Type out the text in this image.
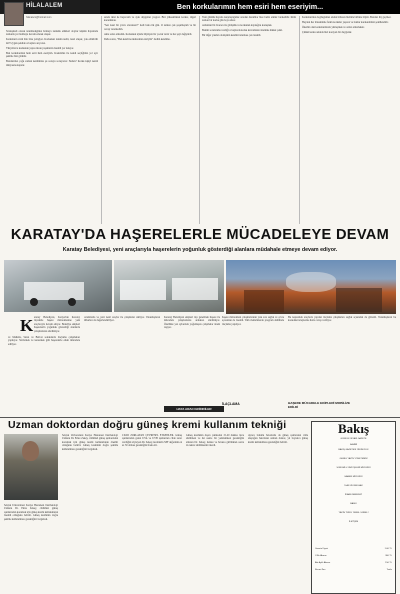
HİLALALEM
hilal.alem@hotmail.com
Ben korkularımın hem esiri hem eseriyim...

Sözleşmeli olarak tanımladığımız İstinaya tanıklık ettikleri olaylar kişinin hayatında zamanla yer bulmaya devam ederek oluşur.

Korkuların sözü bile bize yetişiyor. Korkunun tanımı nedir, nasıl oluşur, yok edilebilir mi? Uygun şekilde cevapları arıyoruz.

Yüzyıllarca korkunun yapısı insan yaşamında önemli yer tutuyor.

Ben korkularımın hem esiri hem eseriyim. Kaderimiz ile kendi seçtiğimiz yol ayrı şekilde bizi götürür.

Bazılarımız çoğu zaman kendimize şu soruyu soruyoruz: Neden? Korku kişiyi kendi dünyasına kapatır.

sanda ikisi de heyecanlı ve aynı duyguları yaşıyor. Biri yükseklikten korkar, diğeri karanlıktan.

"Sen nasıl bir yolcu olacaksın?" dedi bana ilk gün. O zaman çok şaşırmıştım ve bir cevap veremedim.

Ama sonra anladım. Korkunun içinde büyüyen bir çocuk vardı ve her şeyi değiştirdi.

Daha sonra, "Ben kendi korkularımın esiriyim" dedim kendime.

Yani günlük hayatta karşılaştığımız sıradan durumlar bize farklı etkiler bırakabilir. Kimi zaman bir korku gün boyu sürer.

Ardından Dr. Karaca ile görüştük ve korkunun kaynağını konuştuk.

Benim sorularıma verdiği cevaplarda korku kavramının önemine dikkat çekti.

Bir diğer yandan da kişinin kendini tanıması çok önemli.

Korkularımız doğduğumuz andan itibaren bizimle birlikte büyür. Bazıları hiç geçmez.

Hayatın her döneminde farklı korkular yaşarız ve bunlar karakterimizi şekillendirir.

Önemli olan korkularımızla yüzleşmek ve onları anlamaktır.

Çünkü korku aslında bizi koruyan bir duygudur.

KARATAY'DA HAŞERELERLE MÜCADELEYE DEVAM
Karatay Belediyesi, yeni araçlarıyla haşerelerin yoğunluk gösterdiği alanlara müdahale etmeye devam ediyor.
K aratay Belediyesi, Konya'nın Karatay ilçesinde haşere mücadelesine yeni araçlarıyla devam ediyor. Belediye ekipleri haşerelerin yoğunluk gösterdiği alanlarda çalışmalarını sürdürüyor.

ve Mahalle, Sınırı ve Bulvar sokaklarda ilaçlama çalışmaları yapılıyor. Sivrisinek ve karasinek gibi haşerelerle etkin mücadele ediliyor.

ortamlarda ve yeni nesil araçlar ile çalışmalar sürüyor. Vatandaşların ihbarları da değerlendiriliyor.

Karatay Belediyesi ekipleri ilçe genelinde haşere ile mücadele çalışmalarını aralıksız sürdürüyor. Özellikle yaz aylarında yoğunlaşan çalışmalar önem taşıyor.

haşere mücadelesi çalışmalarının yanı sıra sağlık ve çevre açısından da önemli. Tüm mahallelerde program dahilinde ilaçlama yapılıyor.

Bu kapsamda araçlarla yapılan ilaçlama çalışmaları sağlık açısından da güvenli. Vatandaşların bu konudaki taleplerine hızla cevap veriliyor.

HAYA ARACI EDİNDİLER
İLAÇLAMA	HAŞERE MÜCADELE EKİPLERİ MOBİLİZE EDİLDİ
Uzman doktordan doğru güneş kremi kullanım tekniği

Selçuk Üniversitesi Konya Hastanesi Dermatoloji Uzmanı Dr. Emre Zekey, cildimizi güneş ışınlarından korumak için güneş kremi kullanımının önemli olduğunu belirtti. Güneş kreminin doğru şekilde kullanılması gerektiğini vurguladı.

Selçuk Üniversitesi Konya Hastanesi Dermatoloji Uzmanı Dr. Emre Zekey, cildimizi güneş ışınlarından korumak için güneş kremi kullanımının önemli olduğunu belirtti. Güneş kreminin doğru şekilde kullanılması gerektiğini vurguladı.

CİLDİ ZORLAYAN ÇEVRESEL ETKENLER. Güneş ışınlarından gelen UVA ve UVB ışınlarının cilde zarar verdiğini söyleyen Dr. Zekey, kremlerin SPF değerinin en az 30 olması gerektiğini ifade etti.

Güneş kreminin dışarı çıkmadan 15-20 dakika önce sürülmesi ve iki saatte bir yenilenmesi gerektiğini anlatan Dr. Zekey, denize ve havuza girildikten sonra da tekrar sürülmesini önerdi.

Ayrıca bulutlu havalarda da güneş ışınlarının cilde ulaştığını hatırlatan uzman doktor, yıl boyunca güneş kremi kullanılması gerektiğini belirtti.

Bakış
GÜNLÜK SİYASİ GAZETE
SAHİBİ
BAKIŞ GAZETESİ YAYINCILIK
GENEL YAYIN YÖNETMENİ
SORUMLU YAZI İŞLERİ MÜDÜRÜ
HABER MÜDÜRÜ
İLAN VE REKLAM
İDARE MERKEZİ
BASKI
YAYIN TÜRÜ: YEREL SÜRELİ
İLETİŞİM
Gazete Fiyatı	1.00 TL
Yıllık Abone	300 TL
Altı Aylık Abone	150 TL
Resmi İlan	Tarife
